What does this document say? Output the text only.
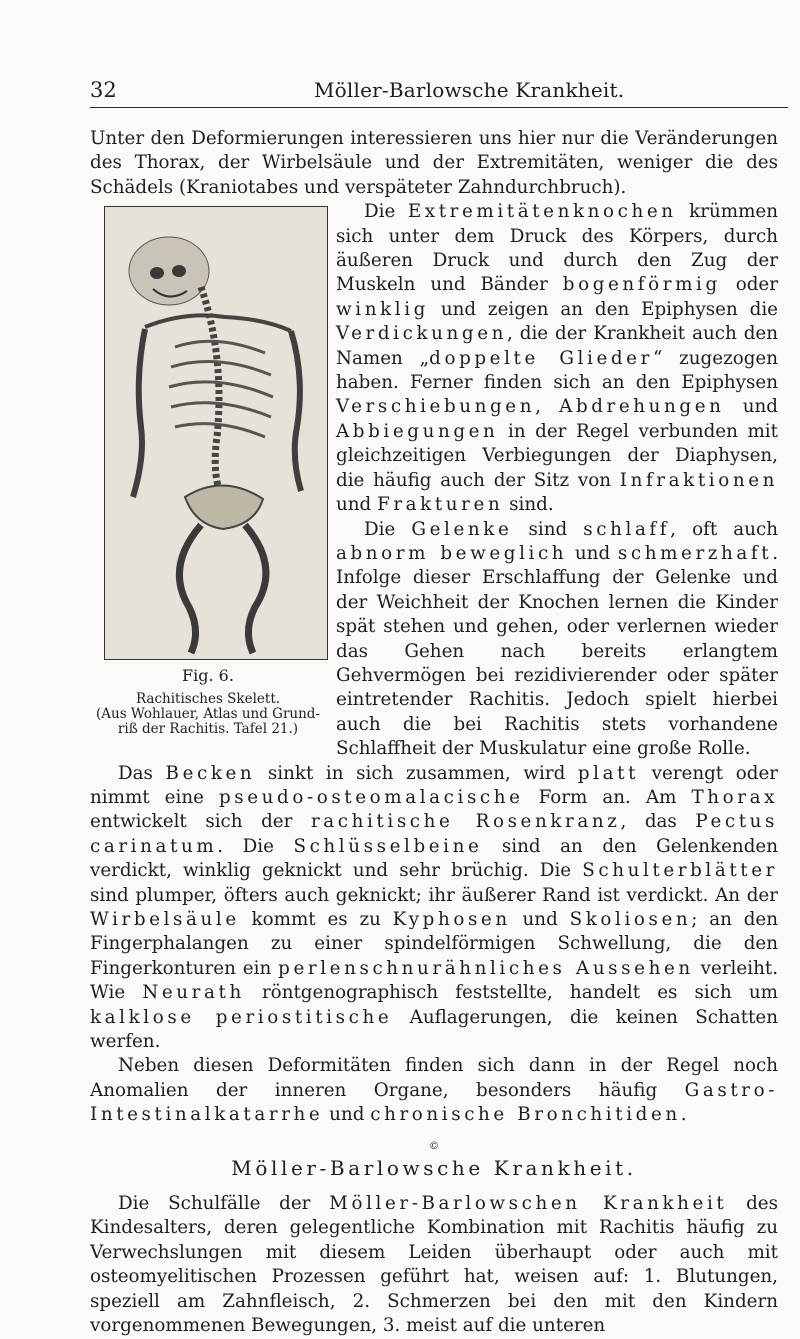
32	Möller-Barlowsche Krankheit.

Unter den Deformierungen interessieren uns hier nur die Veränderungen des Thorax, der Wirbelsäule und der Extremitäten, weniger die des Schädels (Kraniotabes und verspäteter Zahndurchbruch).

Fig. 6.
Rachitisches Skelett.
(Aus Wohlauer, Atlas und Grund-
riß der Rachitis. Tafel 21.)

Die Extremitätenknochen krümmen sich unter dem Druck des Körpers, durch äußeren Druck und durch den Zug der Muskeln und Bänder bogenförmig oder winklig und zeigen an den Epiphysen die Verdickungen, die der Krankheit auch den Namen „doppelte Glieder“ zugezogen haben. Ferner finden sich an den Epiphysen Verschiebungen, Abdrehungen und Abbiegungen in der Regel verbunden mit gleichzeitigen Verbiegungen der Diaphysen, die häufig auch der Sitz von Infraktionen und Frakturen sind.

Die Gelenke sind schlaff, oft auch abnorm beweglich und schmerzhaft. Infolge dieser Erschlaffung der Gelenke und der Weichheit der Knochen lernen die Kinder spät stehen und gehen, oder verlernen wieder das Gehen nach bereits erlangtem Gehvermögen bei rezidivierender oder später eintretender Rachitis. Jedoch spielt hierbei auch die bei Rachitis stets vorhandene Schlaffheit der Muskulatur eine große Rolle.

Das Becken sinkt in sich zusammen, wird platt verengt oder nimmt eine pseudo-osteomalacische Form an. Am Thorax entwickelt sich der rachitische Rosenkranz, das Pectus carinatum. Die Schlüsselbeine sind an den Gelenkenden verdickt, winklig geknickt und sehr brüchig. Die Schulterblätter sind plumper, öfters auch geknickt; ihr äußerer Rand ist verdickt. An der Wirbelsäule kommt es zu Kyphosen und Skoliosen; an den Fingerphalangen zu einer spindelförmigen Schwellung, die den Fingerkonturen ein perlenschnurähnliches Aussehen verleiht. Wie Neurath röntgenographisch feststellte, handelt es sich um kalklose periostitische Auflagerungen, die keinen Schatten werfen.

Neben diesen Deformitäten finden sich dann in der Regel noch Anomalien der inneren Organe, besonders häufig Gastro-Intestinalkatarrhe und chronische Bronchitiden.

©
Möller-Barlowsche Krankheit.

Die Schulfälle der Möller-Barlowschen Krankheit des Kindesalters, deren gelegentliche Kombination mit Rachitis häufig zu Verwechslungen mit diesem Leiden überhaupt oder auch mit osteomyelitischen Prozessen geführt hat, weisen auf: 1. Blutungen, speziell am Zahnfleisch, 2. Schmerzen bei den mit den Kindern vorgenommenen Bewegungen, 3. meist auf die unteren
